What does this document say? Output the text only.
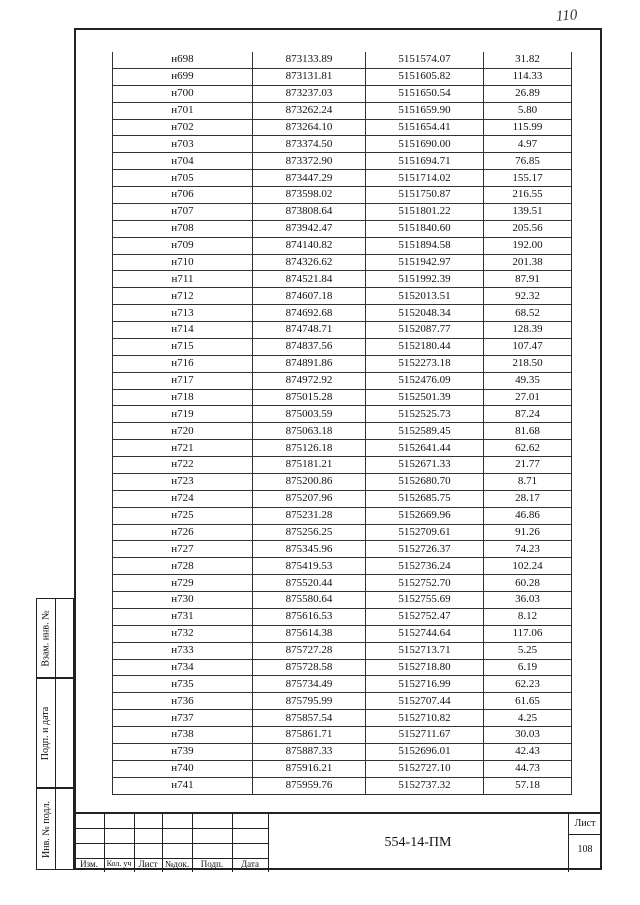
110
н698	873133.89	5151574.07	31.82
н699	873131.81	5151605.82	114.33
н700	873237.03	5151650.54	26.89
н701	873262.24	5151659.90	5.80
н702	873264.10	5151654.41	115.99
н703	873374.50	5151690.00	4.97
н704	873372.90	5151694.71	76.85
н705	873447.29	5151714.02	155.17
н706	873598.02	5151750.87	216.55
н707	873808.64	5151801.22	139.51
н708	873942.47	5151840.60	205.56
н709	874140.82	5151894.58	192.00
н710	874326.62	5151942.97	201.38
н711	874521.84	5151992.39	87.91
н712	874607.18	5152013.51	92.32
н713	874692.68	5152048.34	68.52
н714	874748.71	5152087.77	128.39
н715	874837.56	5152180.44	107.47
н716	874891.86	5152273.18	218.50
н717	874972.92	5152476.09	49.35
н718	875015.28	5152501.39	27.01
н719	875003.59	5152525.73	87.24
н720	875063.18	5152589.45	81.68
н721	875126.18	5152641.44	62.62
н722	875181.21	5152671.33	21.77
н723	875200.86	5152680.70	8.71
н724	875207.96	5152685.75	28.17
н725	875231.28	5152669.96	46.86
н726	875256.25	5152709.61	91.26
н727	875345.96	5152726.37	74.23
н728	875419.53	5152736.24	102.24
н729	875520.44	5152752.70	60.28
н730	875580.64	5152755.69	36.03
н731	875616.53	5152752.47	8.12
н732	875614.38	5152744.64	117.06
н733	875727.28	5152713.71	5.25
н734	875728.58	5152718.80	6.19
н735	875734.49	5152716.99	62.23
н736	875795.99	5152707.44	61.65
н737	875857.54	5152710.82	4.25
н738	875861.71	5152711.67	30.03
н739	875887.33	5152696.01	42.43
н740	875916.21	5152727.10	44.73
н741	875959.76	5152737.32	57.18
Взам. инв. №
Подп. и дата
Инв. № подл.
Изм.	Кол. уч Лист №док.	Подп.	Дата
554-14-ПМ
Лист
108
